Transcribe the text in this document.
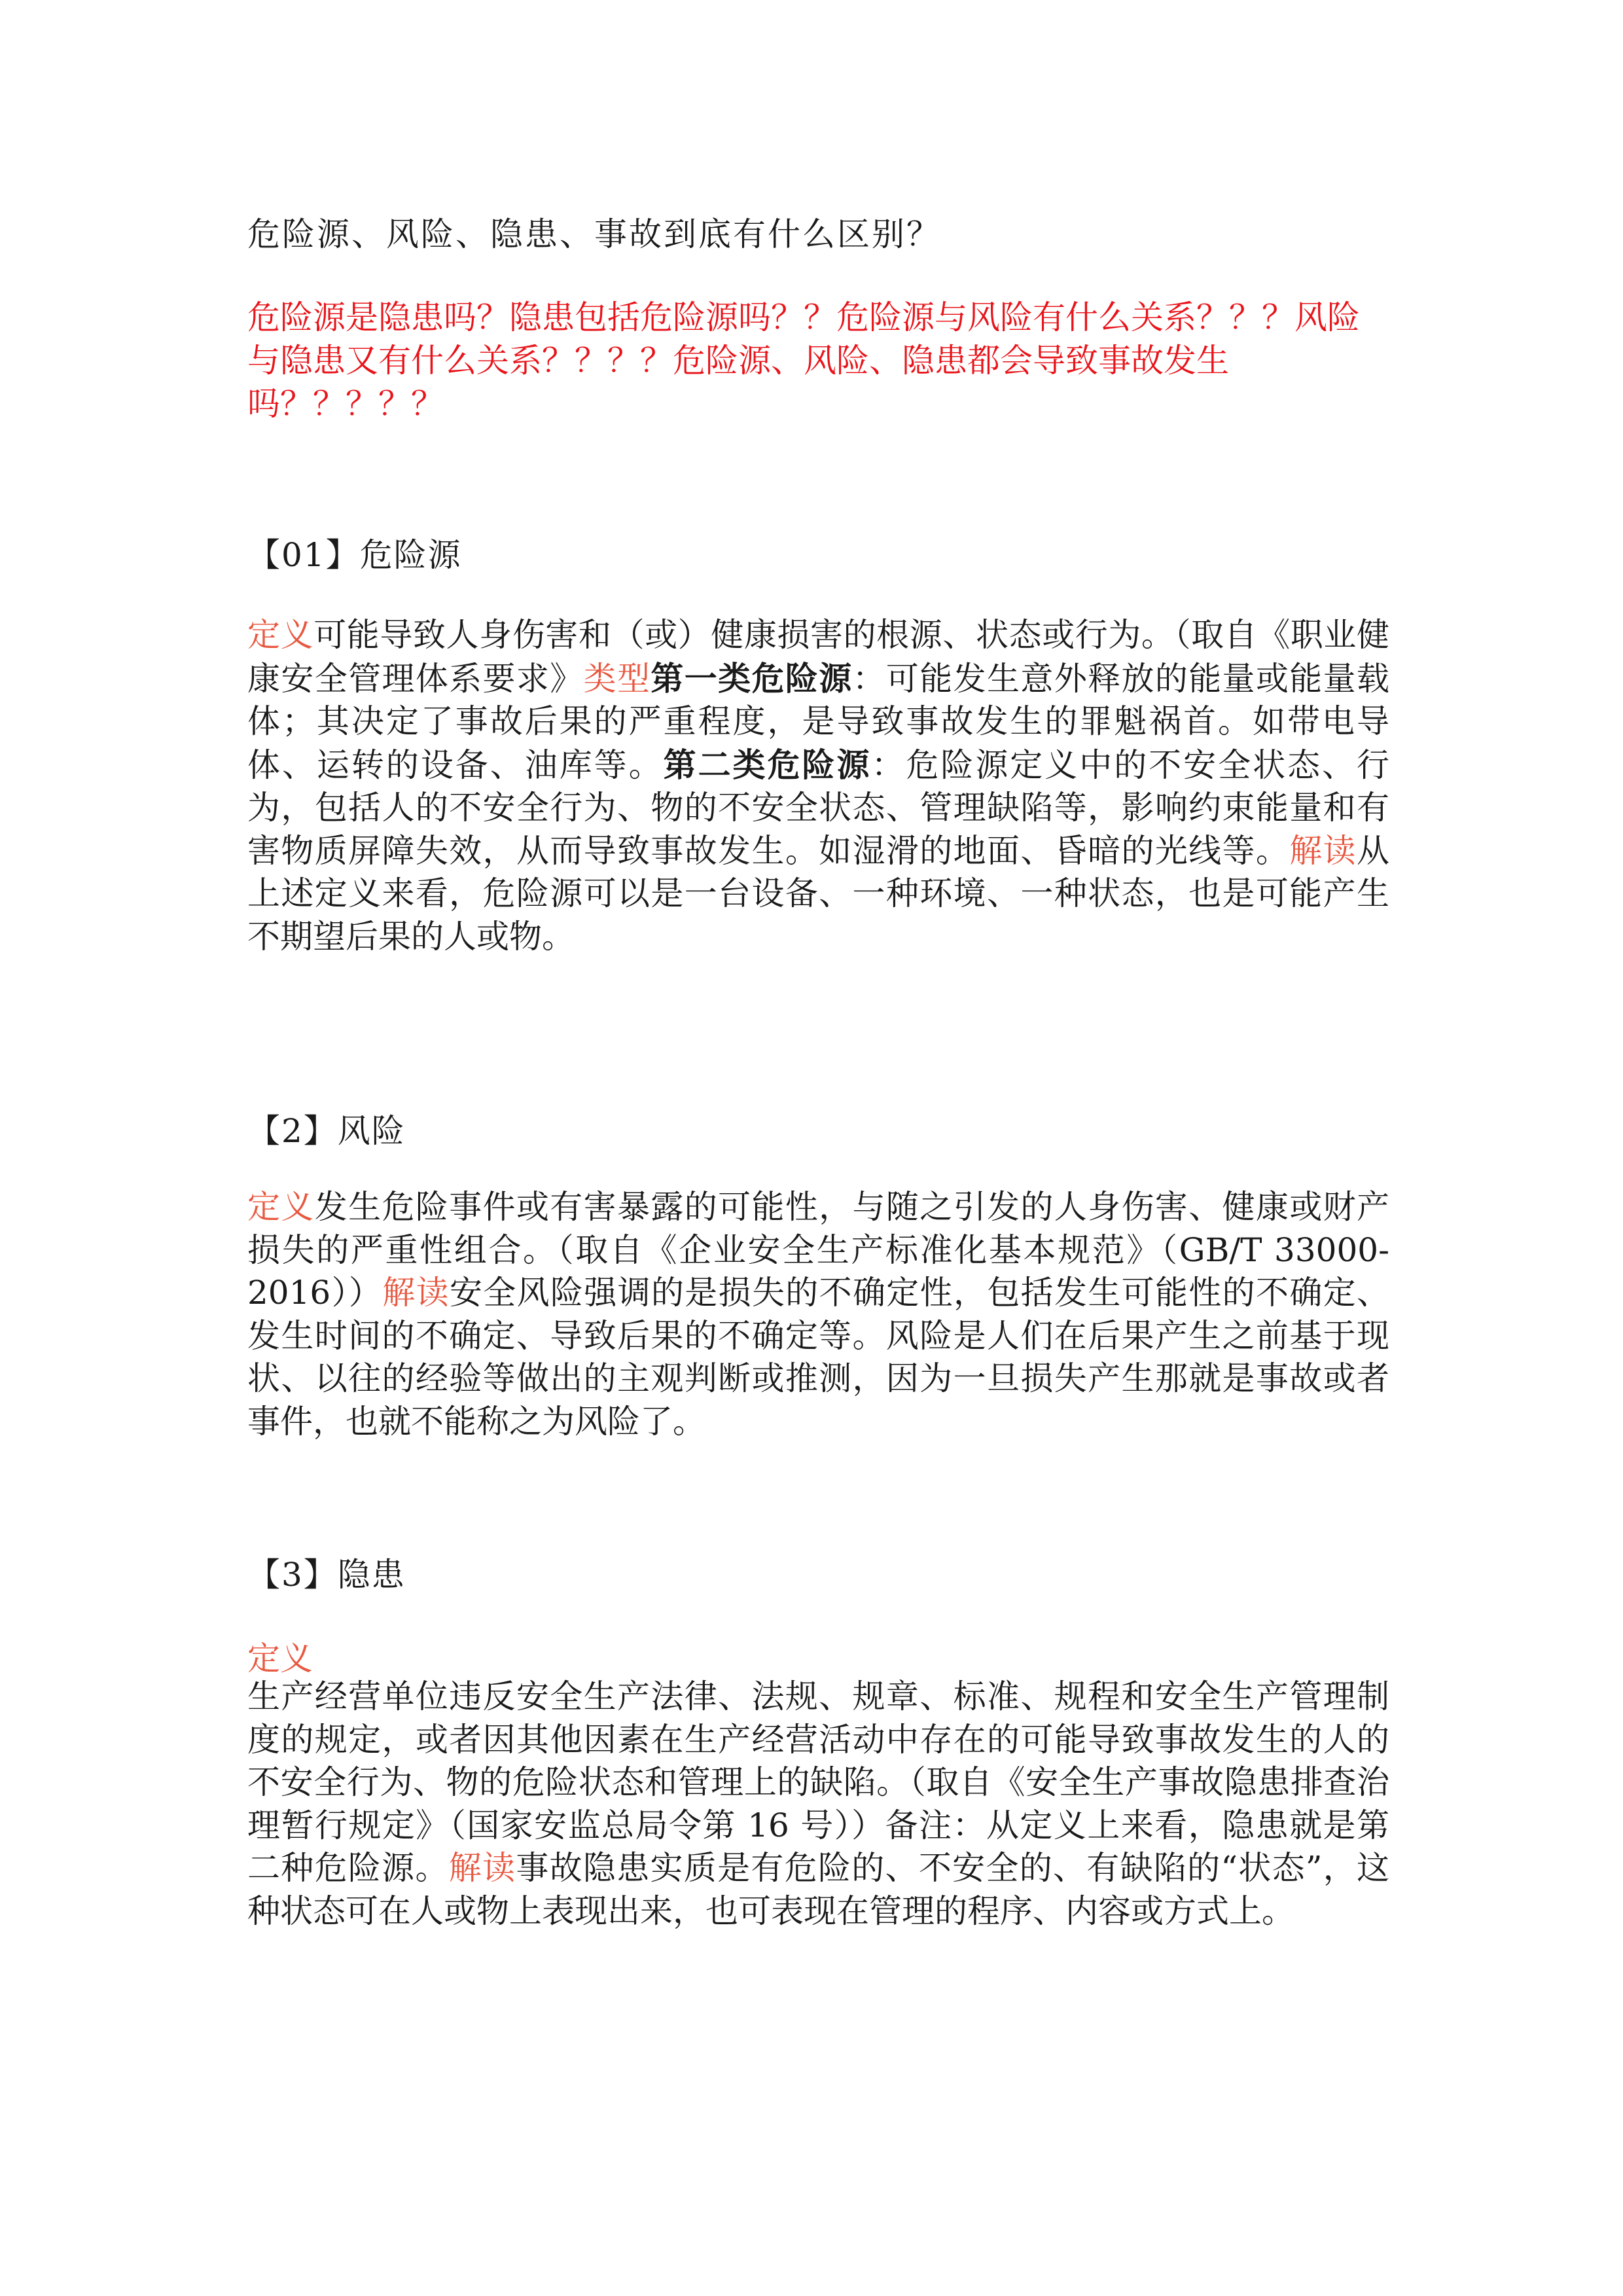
危险源、风险、隐患、事故到底有什么区别？
危险源是隐患吗？隐患包括危险源吗？？危险源与风险有什么关系？？？风险与隐患又有什么关系？？？？危险源、风险、隐患都会导致事故发生吗？？？？？
【01】危险源
定义可能导致人身伤害和（或）健康损害的根源、状态或行为。（取自《职业健康安全管理体系要求》类型第一类危险源：可能发生意外释放的能量或能量载体；其决定了事故后果的严重程度，是导致事故发生的罪魁祸首。如带电导体、运转的设备、油库等。第二类危险源：危险源定义中的不安全状态、行为，包括人的不安全行为、物的不安全状态、管理缺陷等，影响约束能量和有害物质屏障失效，从而导致事故发生。如湿滑的地面、昏暗的光线等。解读从上述定义来看，危险源可以是一台设备、一种环境、一种状态，也是可能产生不期望后果的人或物。
【2】风险
定义发生危险事件或有害暴露的可能性，与随之引发的人身伤害、健康或财产损失的严重性组合。（取自《企业安全生产标准化基本规范》（GB/T 33000-2016））解读安全风险强调的是损失的不确定性，包括发生可能性的不确定、发生时间的不确定、导致后果的不确定等。风险是人们在后果产生之前基于现状、以往的经验等做出的主观判断或推测，因为一旦损失产生那就是事故或者事件，也就不能称之为风险了。
【3】隐患
定义
生产经营单位违反安全生产法律、法规、规章、标准、规程和安全生产管理制度的规定，或者因其他因素在生产经营活动中存在的可能导致事故发生的人的不安全行为、物的危险状态和管理上的缺陷。（取自《安全生产事故隐患排查治理暂行规定》（国家安监总局令第 16 号））备注：从定义上来看，隐患就是第二种危险源。解读事故隐患实质是有危险的、不安全的、有缺陷的“状态”，这种状态可在人或物上表现出来，也可表现在管理的程序、内容或方式上。
